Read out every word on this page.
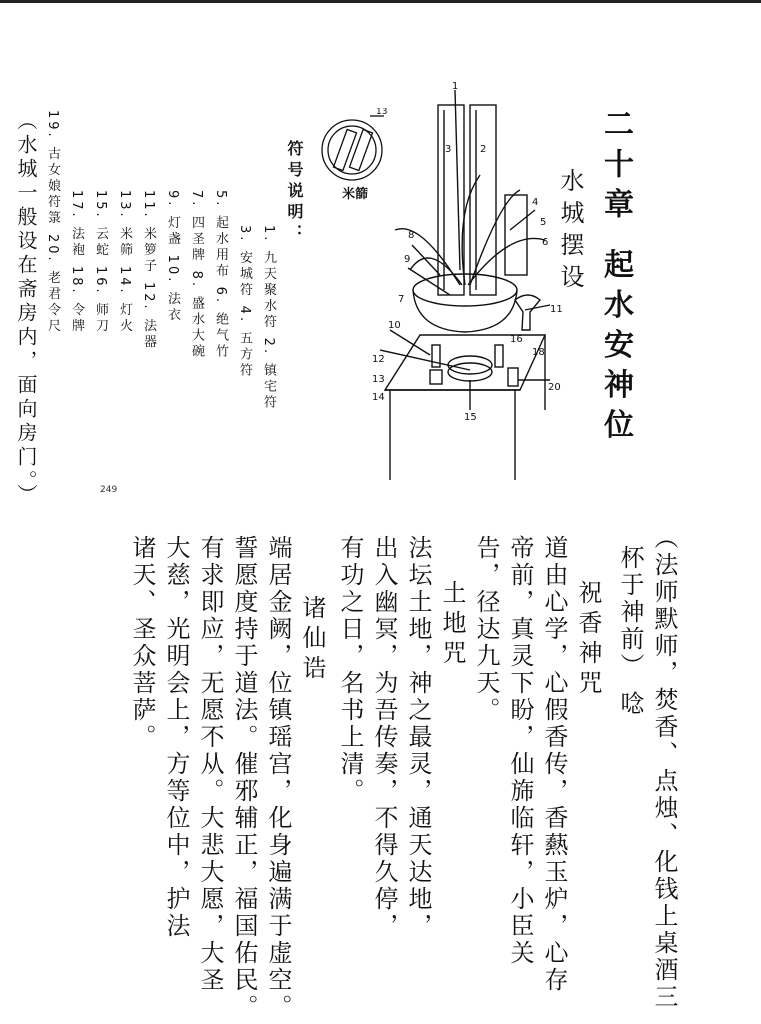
二十章 起水安神位
水城摆设
1
2
3
4
5
6
7
8
9
10
11
12
13
14
15
16
18
20
13
米篩
符号说明：
1. 九天聚水符 2. 镇宅符
3. 安城符 4. 五方符
5. 起水用布 6. 绝气竹
7. 四圣牌 8. 盛水大碗
9. 灯盏 10. 法衣
11. 米箩子 12. 法器
13. 米筛 14. 灯火
15. 云蛇 16. 师刀
17. 法袍 18. 令牌
19. 古女娘符箓 20. 老君令尺
（水城一般设在斋房内，面向房门。）	249
（法师默师，焚香、点烛、化钱上桌酒三
杯于神前） 唸
祝香神咒
道由心学，心假香传，香爇玉炉，心存
帝前，真灵下盼，仙旆临轩，小臣关
告，径达九天。
土地咒
法坛土地，神之最灵，通天达地，
出入幽冥，为吾传奏，不得久停，
有功之日，名书上清。
诸仙诰
端居金阙，位镇瑶宫，化身遍满于虚空。
誓愿度持于道法。催邪辅正，福国佑民。
有求即应，无愿不从。大悲大愿，大圣
大慈，光明会上，方等位中，护法
诸天、圣众菩萨。
